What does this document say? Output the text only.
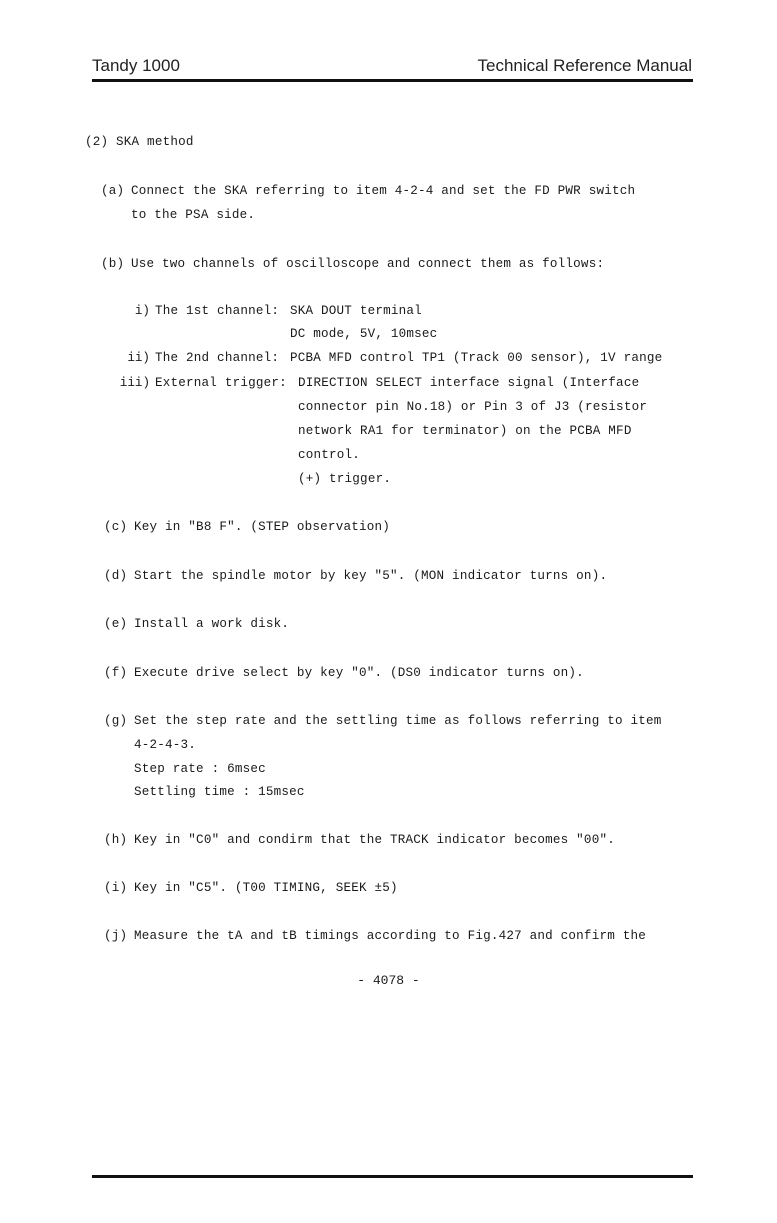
Tandy 1000	Technical Reference Manual
(2) SKA method
(a) Connect the SKA referring to item 4-2-4 and set the FD PWR switch
to the PSA side.
(b) Use two channels of oscilloscope and connect them as follows:
i) The 1st channel: SKA DOUT terminal
DC mode, 5V, 10msec
ii) The 2nd channel: PCBA MFD control TP1 (Track 00 sensor), 1V range
iii) External trigger: DIRECTION SELECT interface signal (Interface
connector pin No.18) or Pin 3 of J3 (resistor
network RA1 for terminator) on the PCBA MFD
control.
(+) trigger.
(c) Key in "B8 F". (STEP observation)
(d) Start the spindle motor by key "5". (MON indicator turns on).
(e) Install a work disk.
(f) Execute drive select by key "0". (DS0 indicator turns on).
(g) Set the step rate and the settling time as follows referring to item
4-2-4-3.
Step rate : 6msec
Settling time : 15msec
(h) Key in "C0" and condirm that the TRACK indicator becomes "00".
(i) Key in "C5". (T00 TIMING, SEEK ±5)
(j) Measure the tA and tB timings according to Fig.427 and confirm the
- 4078 -
